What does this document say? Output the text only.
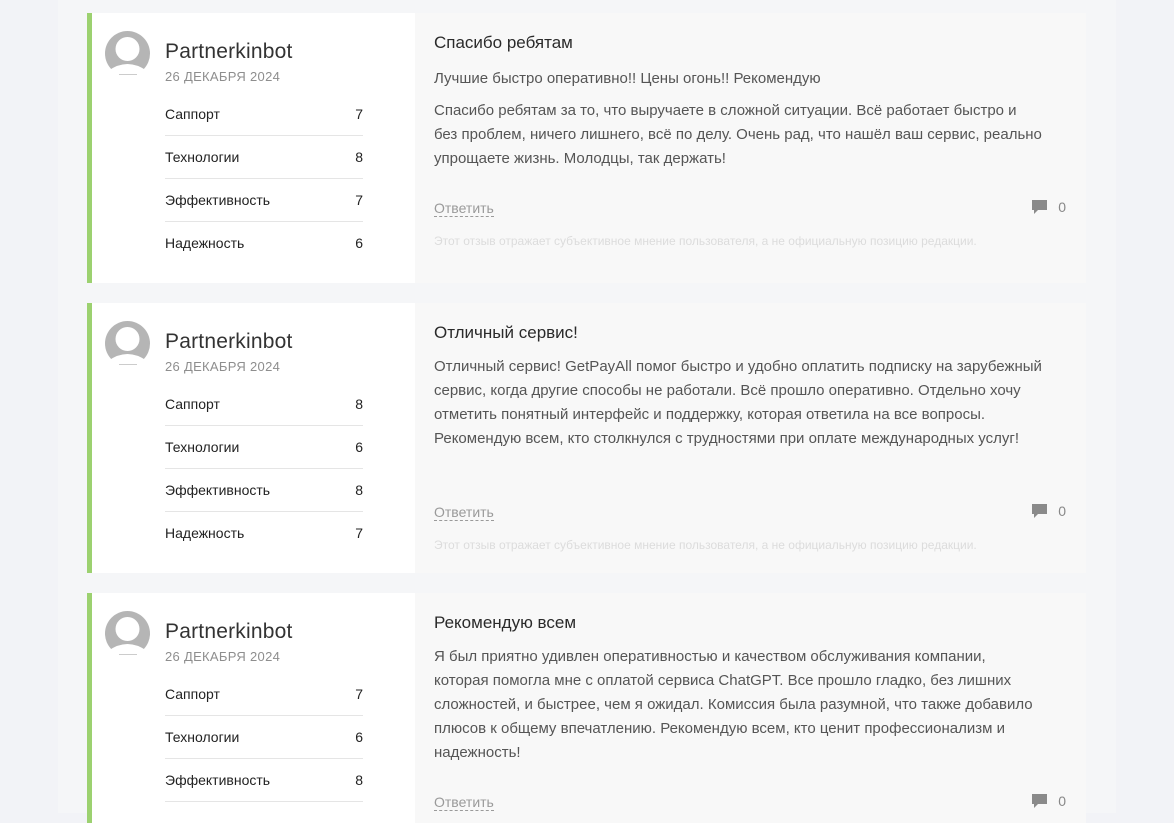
Partnerkinbot
26 ДЕКАБРЯ 2024
Саппорт	7
Технологии	8
Эффективность	7
Надежность	6
Спасибо ребятам
Лучшие быстро оперативно!! Цены огонь!! Рекомендую
Спасибо ребятам за то, что выручаете в сложной ситуации. Всё работает быстро и без проблем, ничего лишнего, всё по делу. Очень рад, что нашёл ваш сервис, реально упрощаете жизнь. Молодцы, так держать!
Ответить	0
Этот отзыв отражает субъективное мнение пользователя, а не официальную позицию редакции.
Partnerkinbot
26 ДЕКАБРЯ 2024
Саппорт	8
Технологии	6
Эффективность	8
Надежность	7
Отличный сервис!
Отличный сервис! GetPayAll помог быстро и удобно оплатить подписку на зарубежный сервис, когда другие способы не работали. Всё прошло оперативно. Отдельно хочу отметить понятный интерфейс и поддержку, которая ответила на все вопросы. Рекомендую всем, кто столкнулся с трудностями при оплате международных услуг!
Ответить	0
Этот отзыв отражает субъективное мнение пользователя, а не официальную позицию редакции.
Partnerkinbot
26 ДЕКАБРЯ 2024
Саппорт	7
Технологии	6
Эффективность	8
Рекомендую всем
Я был приятно удивлен оперативностью и качеством обслуживания компании, которая помогла мне с оплатой сервиса ChatGPT. Все прошло гладко, без лишних сложностей, и быстрее, чем я ожидал. Комиссия была разумной, что также добавило плюсов к общему впечатлению. Рекомендую всем, кто ценит профессионализм и надежность!
Ответить	0
